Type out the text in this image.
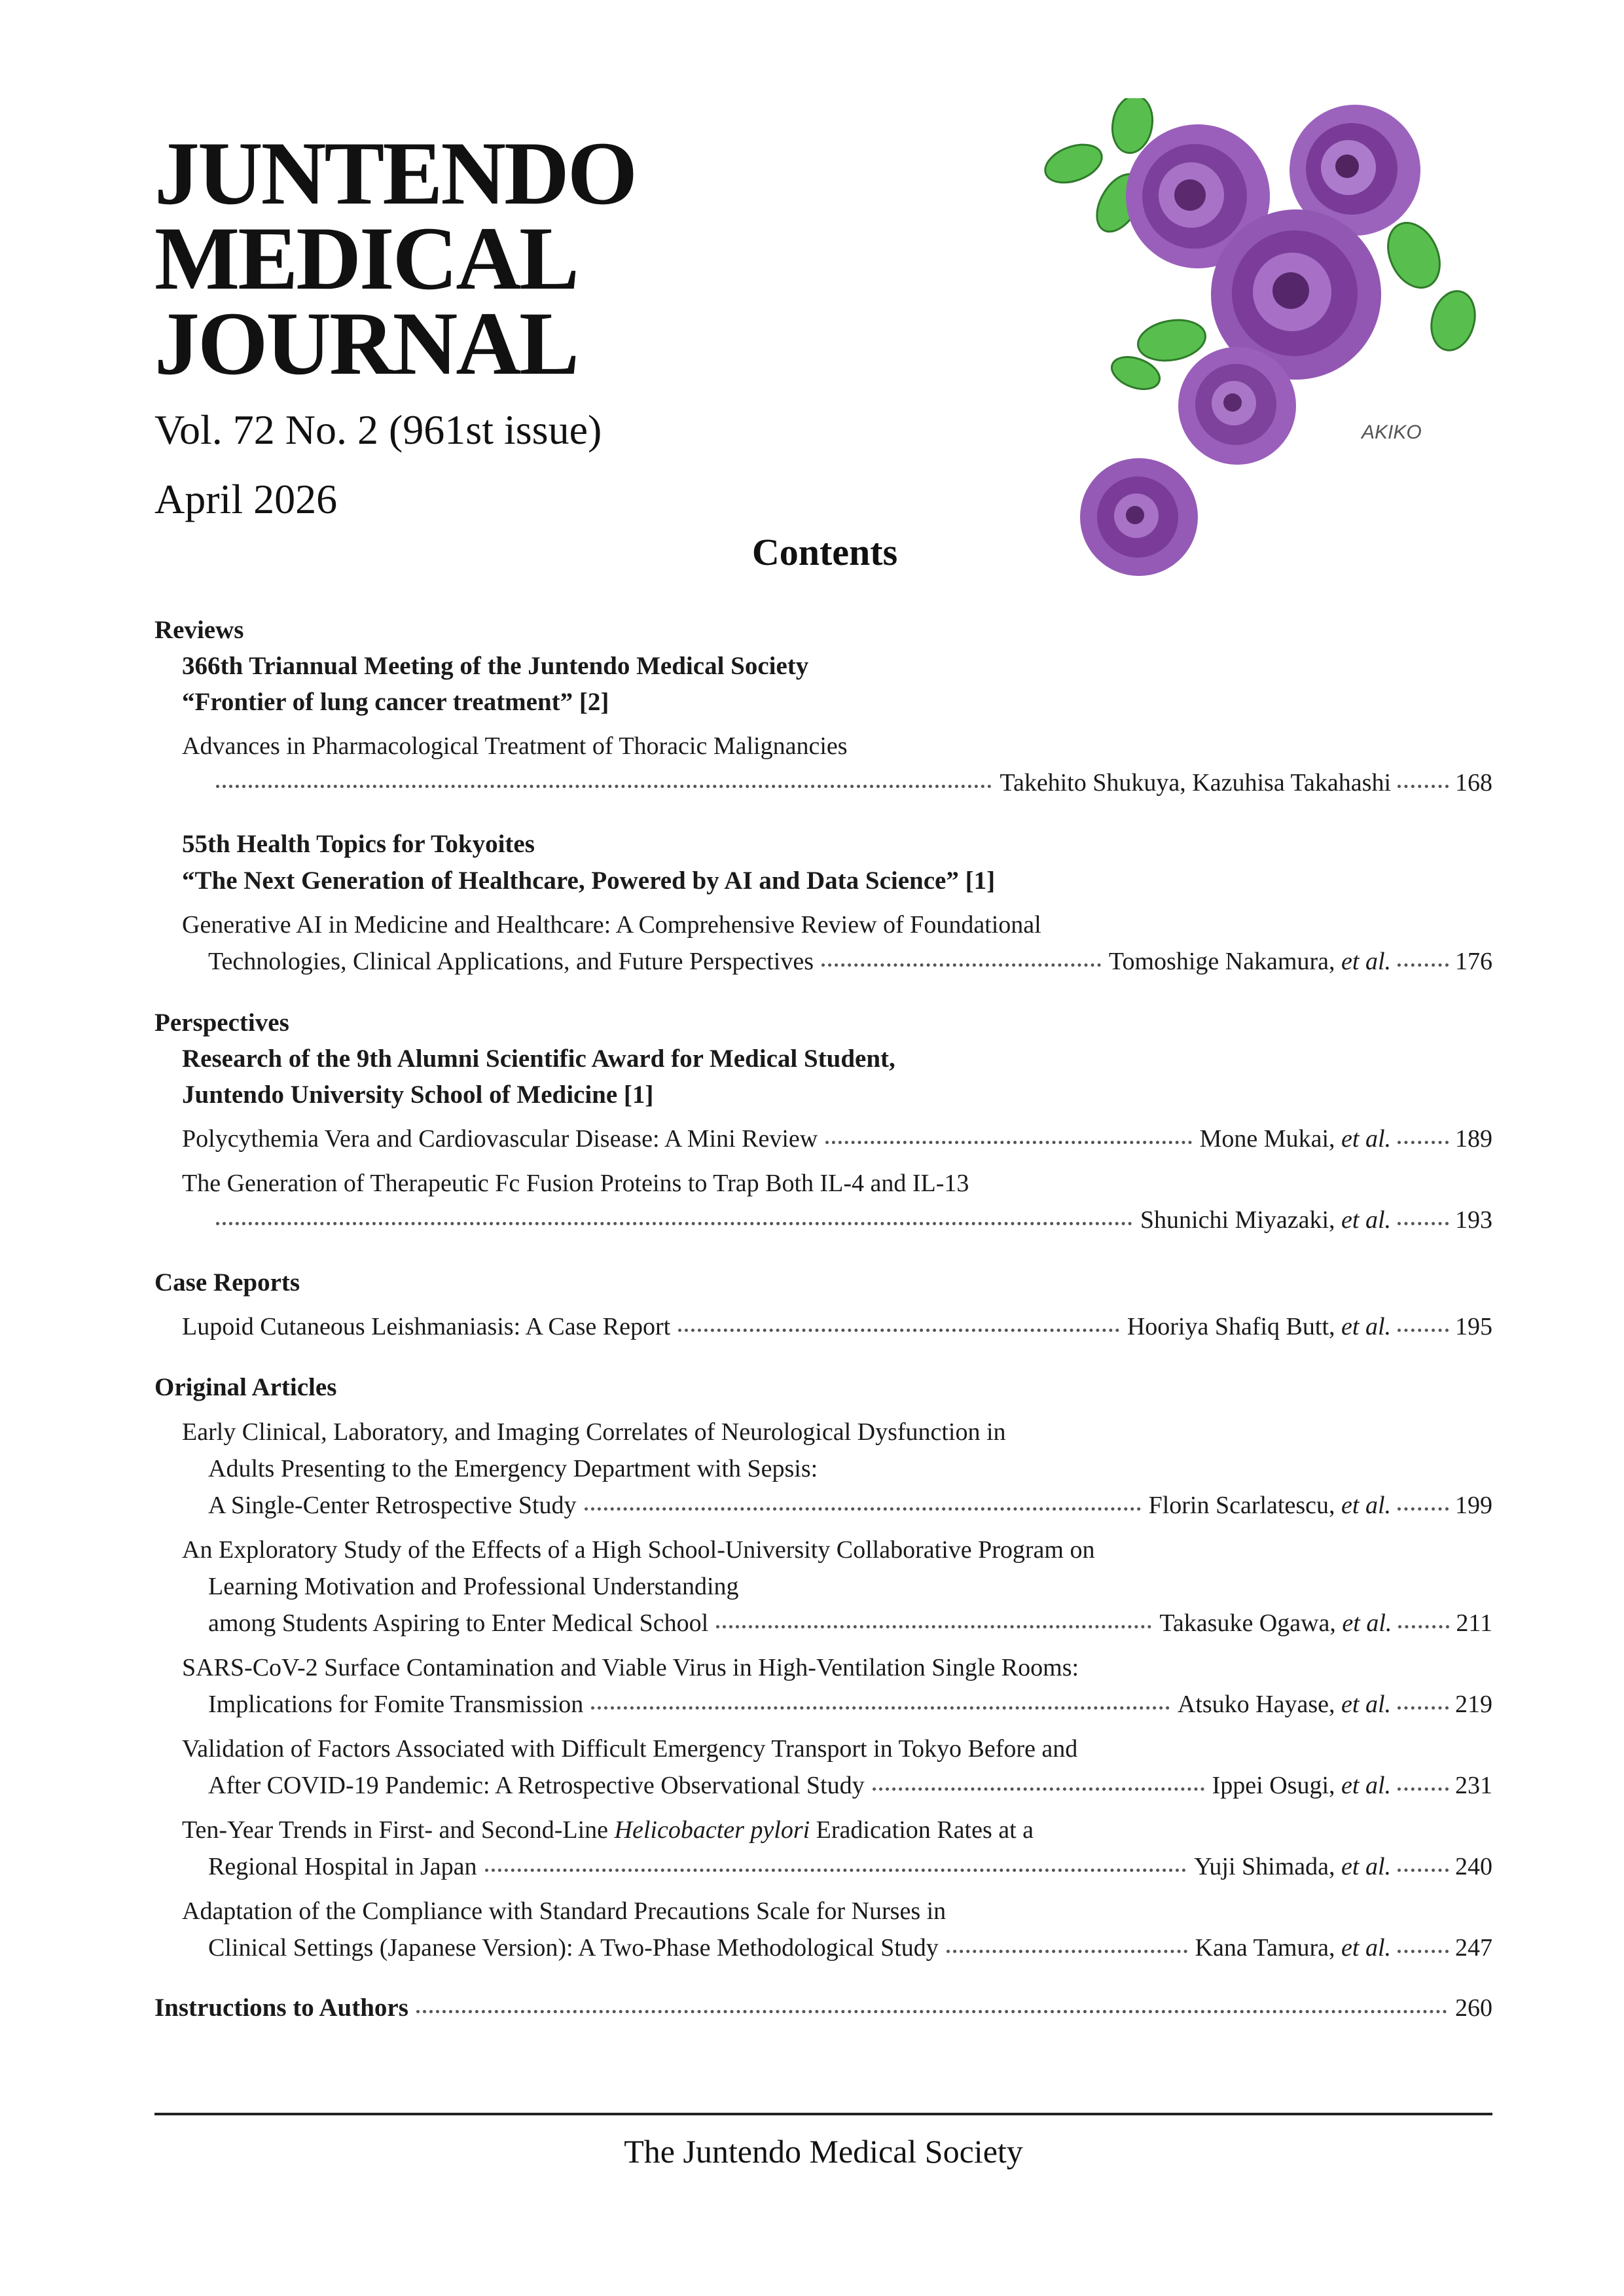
JUNTENDO
MEDICAL
JOURNAL
Vol. 72 No. 2 (961st issue)
April 2026
AKIKO
Contents
Reviews
366th Triannual Meeting of the Juntendo Medical Society
“Frontier of lung cancer treatment” [2]
Advances in Pharmacological Treatment of Thoracic Malignancies
Takehito Shukuya, Kazuhisa Takahashi	168
55th Health Topics for Tokyoites
“The Next Generation of Healthcare, Powered by AI and Data Science” [1]
Generative AI in Medicine and Healthcare: A Comprehensive Review of Foundational
Technologies, Clinical Applications, and Future Perspectives	Tomoshige Nakamura, et al.	176
Perspectives
Research of the 9th Alumni Scientific Award for Medical Student,
Juntendo University School of Medicine [1]
Polycythemia Vera and Cardiovascular Disease: A Mini Review	Mone Mukai, et al.	189
The Generation of Therapeutic Fc Fusion Proteins to Trap Both IL-4 and IL-13
Shunichi Miyazaki, et al.	193
Case Reports
Lupoid Cutaneous Leishmaniasis: A Case Report	Hooriya Shafiq Butt, et al.	195
Original Articles
Early Clinical, Laboratory, and Imaging Correlates of Neurological Dysfunction in
Adults Presenting to the Emergency Department with Sepsis:
A Single-Center Retrospective Study	Florin Scarlatescu, et al.	199
An Exploratory Study of the Effects of a High School-University Collaborative Program on
Learning Motivation and Professional Understanding
among Students Aspiring to Enter Medical School	Takasuke Ogawa, et al.	211
SARS-CoV-2 Surface Contamination and Viable Virus in High-Ventilation Single Rooms:
Implications for Fomite Transmission	Atsuko Hayase, et al.	219
Validation of Factors Associated with Difficult Emergency Transport in Tokyo Before and
After COVID-19 Pandemic: A Retrospective Observational Study	Ippei Osugi, et al.	231
Ten-Year Trends in First- and Second-Line Helicobacter pylori Eradication Rates at a
Regional Hospital in Japan	Yuji Shimada, et al.	240
Adaptation of the Compliance with Standard Precautions Scale for Nurses in
Clinical Settings (Japanese Version): A Two-Phase Methodological Study	Kana Tamura, et al.	247
Instructions to Authors	260
The Juntendo Medical Society
